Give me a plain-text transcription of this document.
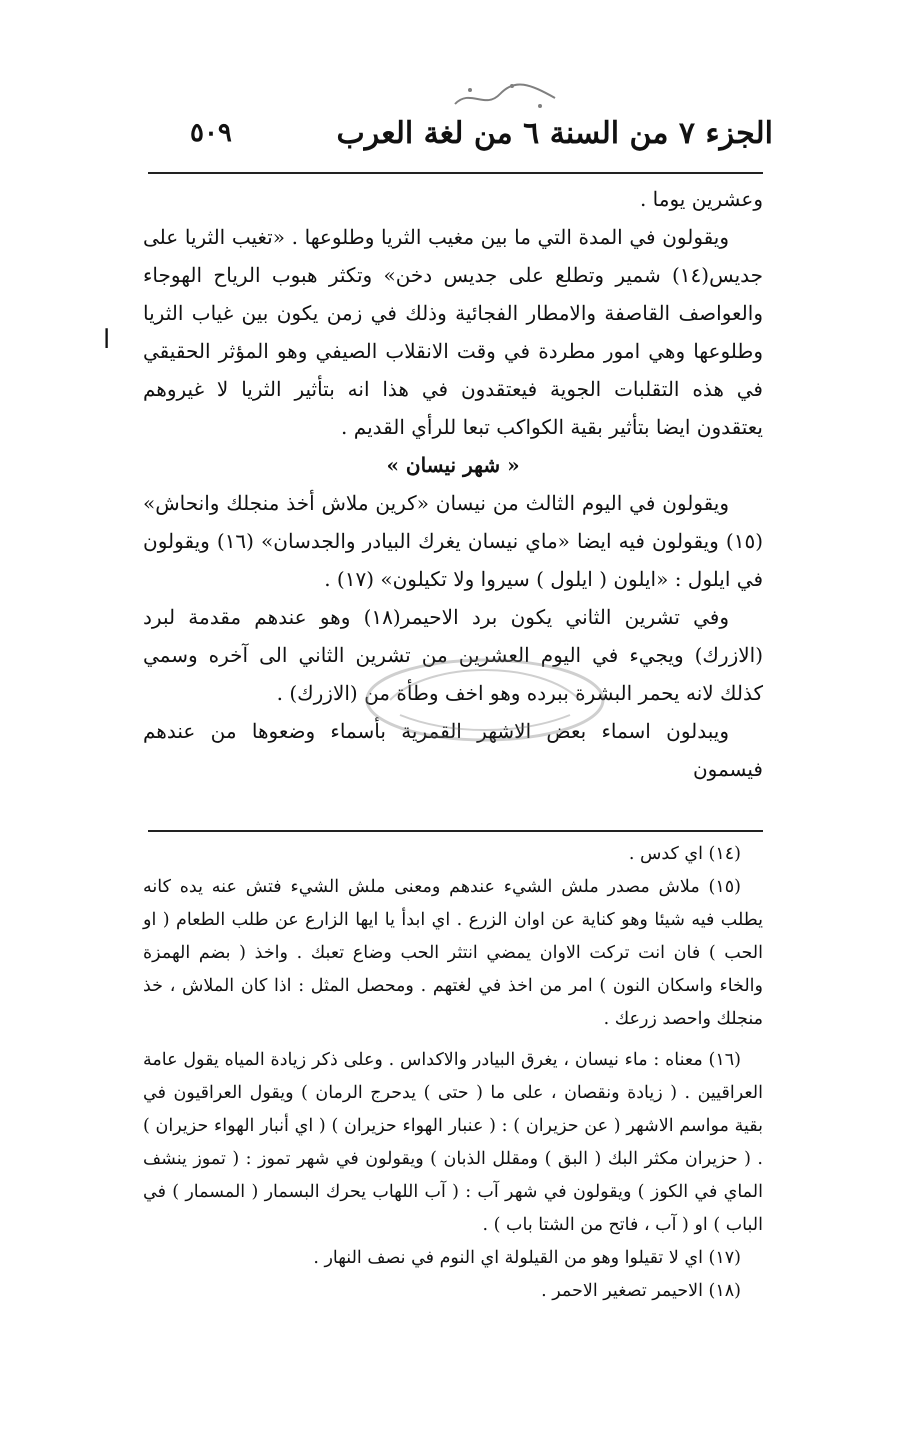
الجزء ٧ من السنة ٦ من لغة العرب
٥٠٩
ا

وعشرين يوما .

ويقولون في المدة التي ما بين مغيب الثريا وطلوعها . «تغيب الثريا على جديس(١٤) شمير وتطلع على جديس دخن» وتكثر هبوب الرياح الهوجاء والعواصف القاصفة والامطار الفجائية وذلك في زمن يكون بين غياب الثريا وطلوعها وهي امور مطردة في وقت الانقلاب الصيفي وهو المؤثر الحقيقي في هذه التقلبات الجوية فيعتقدون في هذا انه بتأثير الثريا لا غيروهم يعتقدون ايضا بتأثير بقية الكواكب تبعا للرأي القديم .

« شهر نيسان »

ويقولون في اليوم الثالث من نيسان «كرين ملاش أخذ منجلك وانحاش» (١٥) ويقولون فيه ايضا «ماي نيسان يغرك البيادر والجدسان» (١٦) ويقولون في ايلول : «ايلون ( ايلول ) سيروا ولا تكيلون» (١٧) .

وفي تشرين الثاني يكون برد الاحيمر(١٨) وهو عندهم مقدمة لبرد (الازرك) ويجيء في اليوم العشرين من تشرين الثاني الى آخره وسمي كذلك لانه يحمر البشرة ببرده وهو اخف وطأة من (الازرك) .

ويبدلون اسماء بعض الاشهر القمرية بأسماء وضعوها من عندهم فيسمون

(١٤) اي كدس .

(١٥) ملاش مصدر ملش الشيء عندهم ومعنى ملش الشيء فتش عنه يده كانه يطلب فيه شيئا وهو كناية عن اوان الزرع . اي ابدأ يا ايها الزارع عن طلب الطعام ( او الحب ) فان انت تركت الاوان يمضي انتثر الحب وضاع تعبك . واخذ ( بضم الهمزة والخاء واسكان النون ) امر من اخذ في لغتهم . ومحصل المثل : اذا كان الملاش ، خذ منجلك واحصد زرعك .

(١٦) معناه : ماء نيسان ، يغرق البيادر والاكداس . وعلى ذكر زيادة المياه يقول عامة العراقيين . ( زيادة ونقصان ، على ما ( حتى ) يدحرج الرمان ) ويقول العراقيون في بقية مواسم الاشهر ( عن حزيران ) : ( عنبار الهواء حزيران ) ( اي أنبار الهواء حزيران ) . ( حزيران مكثر البك ( البق ) ومقلل الذبان ) ويقولون في شهر تموز : ( تموز ينشف الماي في الكوز ) ويقولون في شهر آب : ( آب اللهاب يحرك البسمار ( المسمار ) في الباب ) او ( آب ، فاتح من الشتا باب ) .

(١٧) اي لا تقيلوا وهو من القيلولة اي النوم في نصف النهار .

(١٨) الاحيمر تصغير الاحمر .
